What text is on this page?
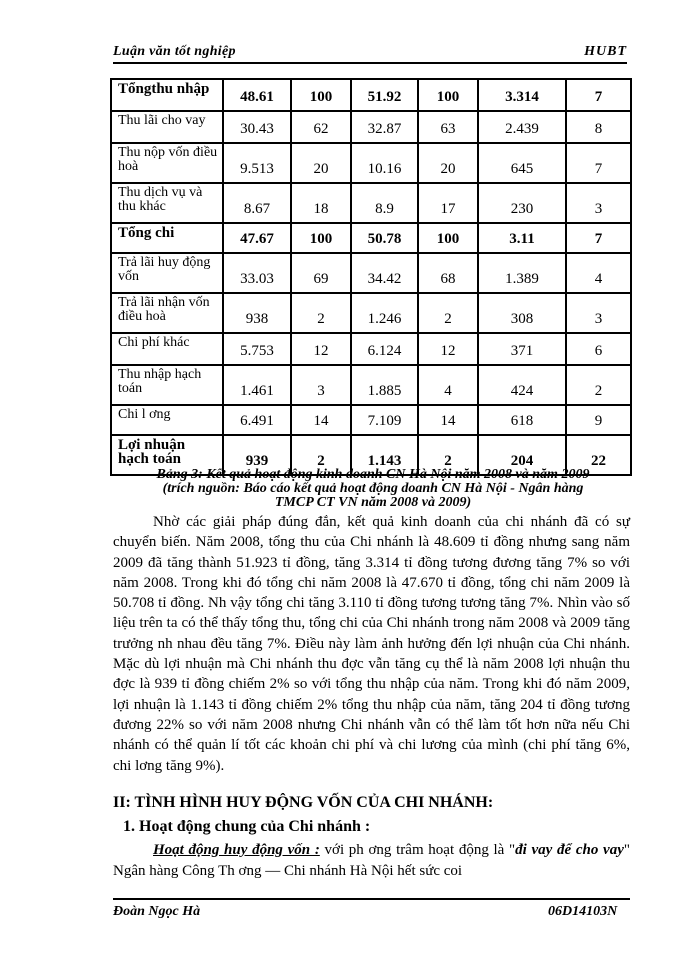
Luận văn tốt nghiệp	HUBT
Tổngthu nhập	48.61	100	51.92	100	3.314	7
Thu lãi cho vay	30.43	62	32.87	63	2.439	8
Thu nộp vốn điều hoà	9.513	20	10.16	20	645	7
Thu dịch vụ và thu khác	8.67	18	8.9	17	230	3
Tổng chi	47.67	100	50.78	100	3.11	7
Trả lãi huy động vốn	33.03	69	34.42	68	1.389	4
Trả lãi nhận vốn điều hoà	938	2	1.246	2	308	3
Chi phí khác	5.753	12	6.124	12	371	6
Thu nhập hạch toán	1.461	3	1.885	4	424	2
Chi l ơng	6.491	14	7.109	14	618	9
Lợi nhuận hạch toán	939	2	1.143	2	204	22
Bảng 3: Kết quả hoạt động kinh doanh CN Hà Nội năm 2008 và năm 2009
(trích nguồn: Báo cáo kết quả hoạt động doanh CN Hà Nội - Ngân hàng
TMCP CT VN năm 2008 và 2009)

Nhờ các giải pháp đúng đắn, kết quả kinh doanh của chi nhánh đã có sự chuyển biến. Năm 2008, tổng thu của Chi nhánh là 48.609 tỉ đồng nhưng sang năm 2009 đã tăng thành 51.923 tỉ đồng, tăng 3.314 tỉ đồng tương đương tăng 7% so với năm 2008. Trong khi đó tổng chi năm 2008 là 47.670 tỉ đồng, tổng chi năm 2009 là 50.708 tỉ đồng. Nh vậy tổng chi tăng 3.110 tỉ đồng tương tương tăng 7%. Nhìn vào số liệu trên ta có thể thấy tổng thu, tổng chi của Chi nhánh trong năm 2008 và 2009 tăng trưởng nh nhau đều tăng 7%. Điều này làm ảnh hưởng đến lợi nhuận của Chi nhánh. Mặc dù lợi nhuận mà Chi nhánh thu đợc vẫn tăng cụ thể là năm 2008 lợi nhuận thu đợc là 939 tỉ đồng chiếm 2% so với tổng thu nhập của năm. Trong khi đó năm 2009, lợi nhuận là 1.143 tỉ đồng chiếm 2% tổng thu nhập của năm, tăng 204 tỉ đồng tương đương 22% so với năm 2008 nhưng Chi nhánh vẫn có thể làm tốt hơn nữa nếu Chi nhánh có thể quản lí tốt các khoản chi phí và chi lương của mình (chi phí tăng 6%, chi lơng tăng 9%).

II: TÌNH HÌNH HUY ĐỘNG VỐN CỦA CHI NHÁNH:
1. Hoạt động chung của Chi nhánh :

Hoạt động huy động vốn : với ph ơng trâm hoạt động là "đi vay để cho vay" Ngân hàng Công Th ơng — Chi nhánh Hà Nội hết sức coi

Đoàn Ngọc Hà	06D14103N
